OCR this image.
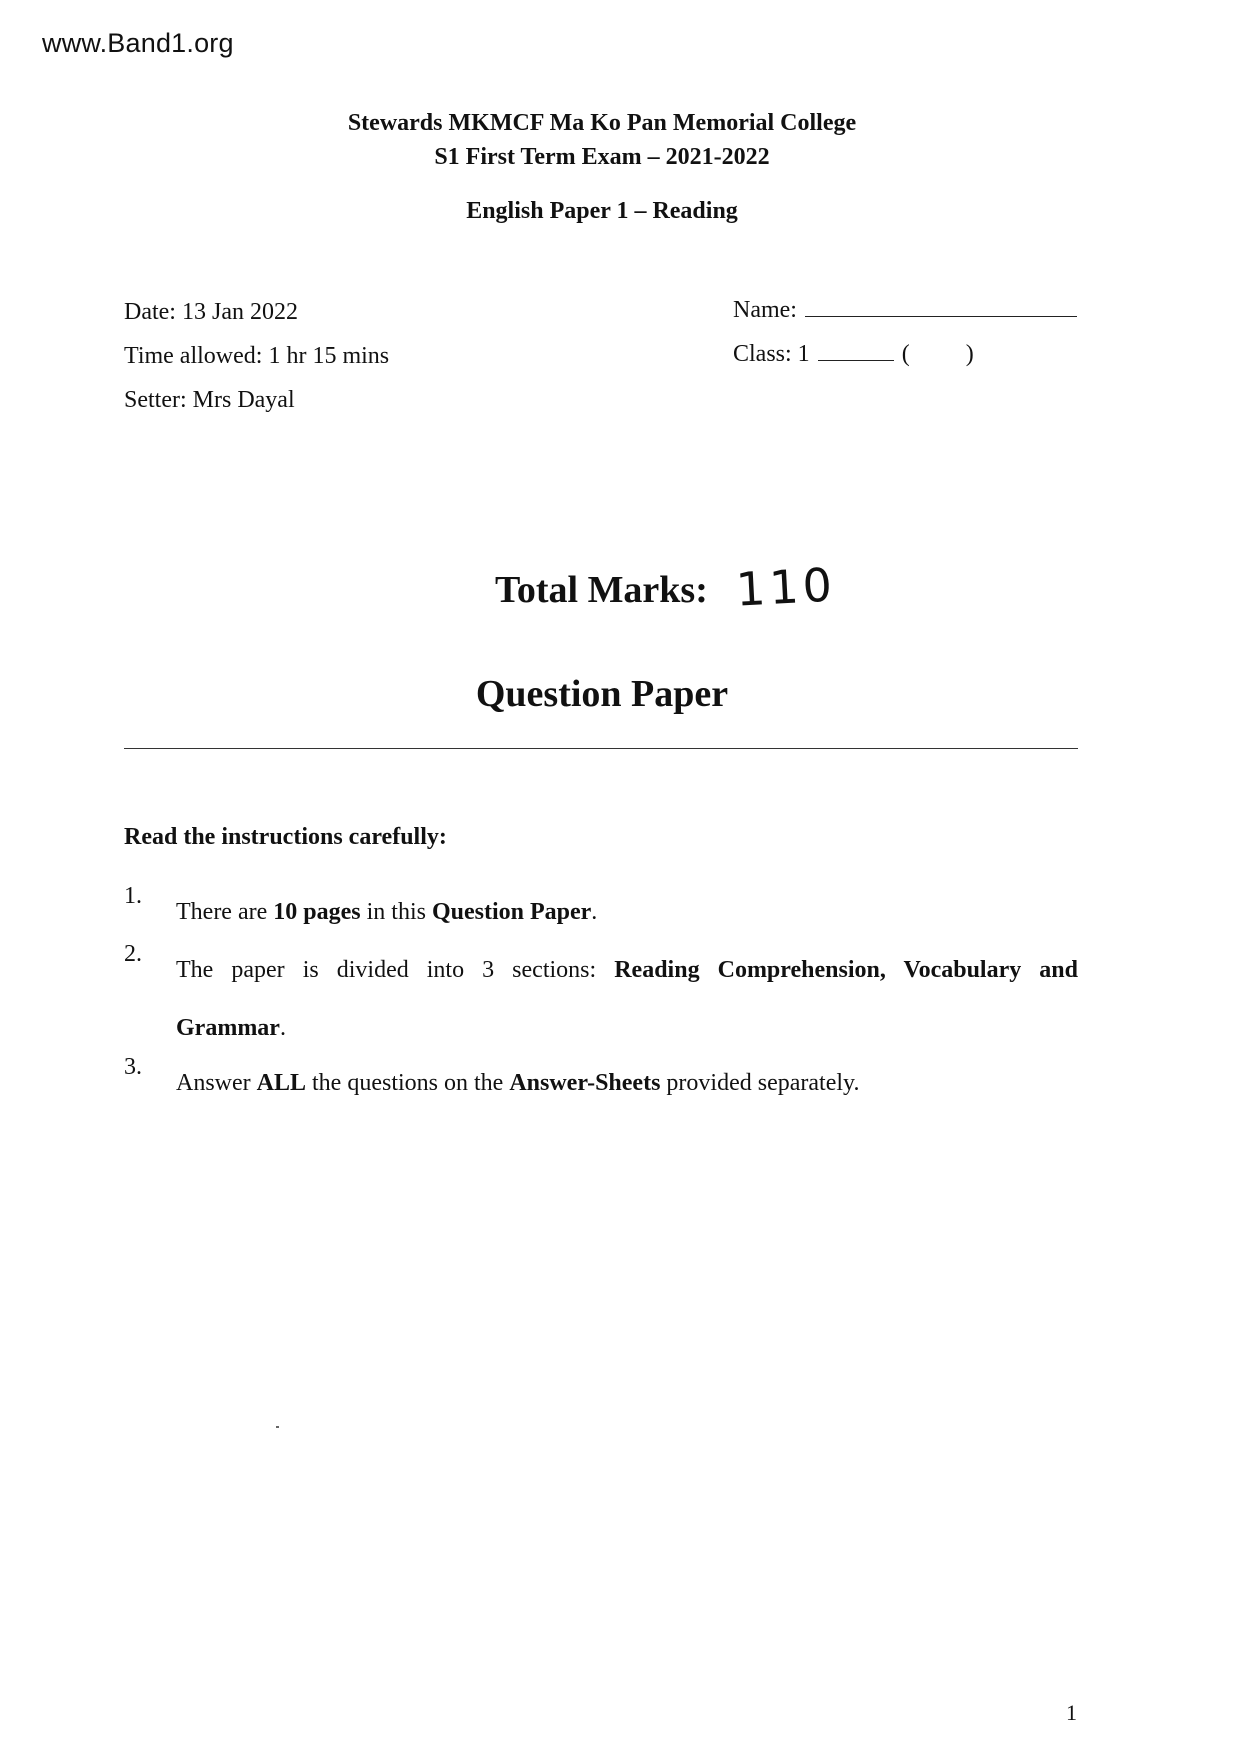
www.Band1.org
Stewards MKMCF Ma Ko Pan Memorial College
S1 First Term Exam – 2021-2022
English Paper 1 – Reading
Date: 13 Jan 2022
Time allowed: 1 hr 15 mins
Setter: Mrs Dayal
Name:
Class: 1	( )
Total Marks: 110
Question Paper
Read the instructions carefully:
1.
There are 10 pages in this Question Paper.
2.
The paper is divided into 3 sections: Reading Comprehension, Vocabulary and
Grammar.
3.
Answer ALL the questions on the Answer-Sheets provided separately.
1
